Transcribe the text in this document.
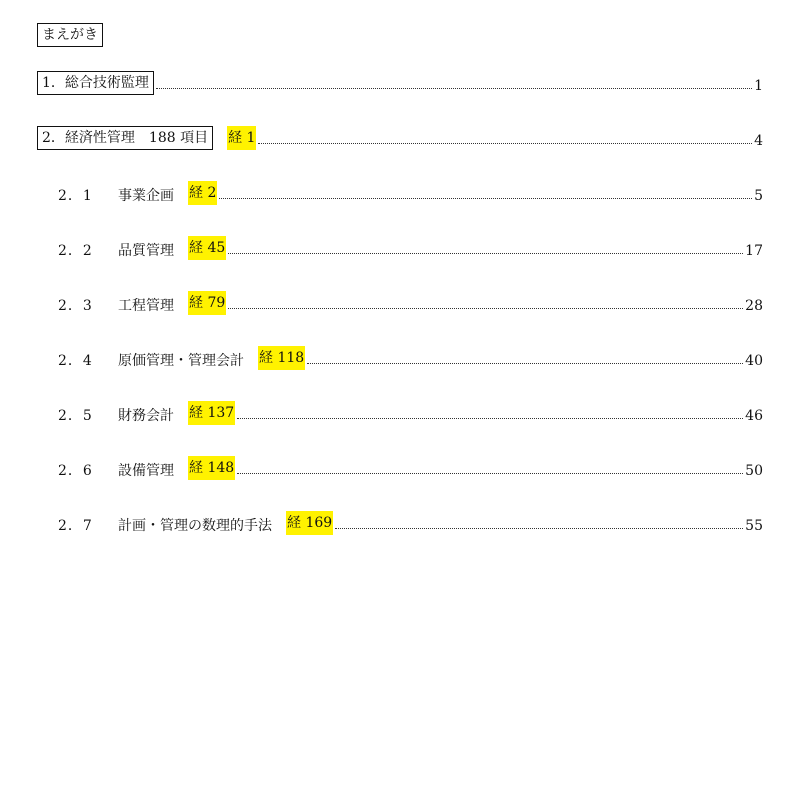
まえがき
1．総合技術監理	1
2．経済性管理　188 項目	経 1	4
2．1	事業企画 経 2	5
2．2	品質管理 経 45	17
2．3	工程管理 経 79	28
2．4	原価管理・管理会計 経 118	40
2．5	財務会計 経 137	46
2．6	設備管理 経 148	50
2．7	計画・管理の数理的手法 経 169	55
